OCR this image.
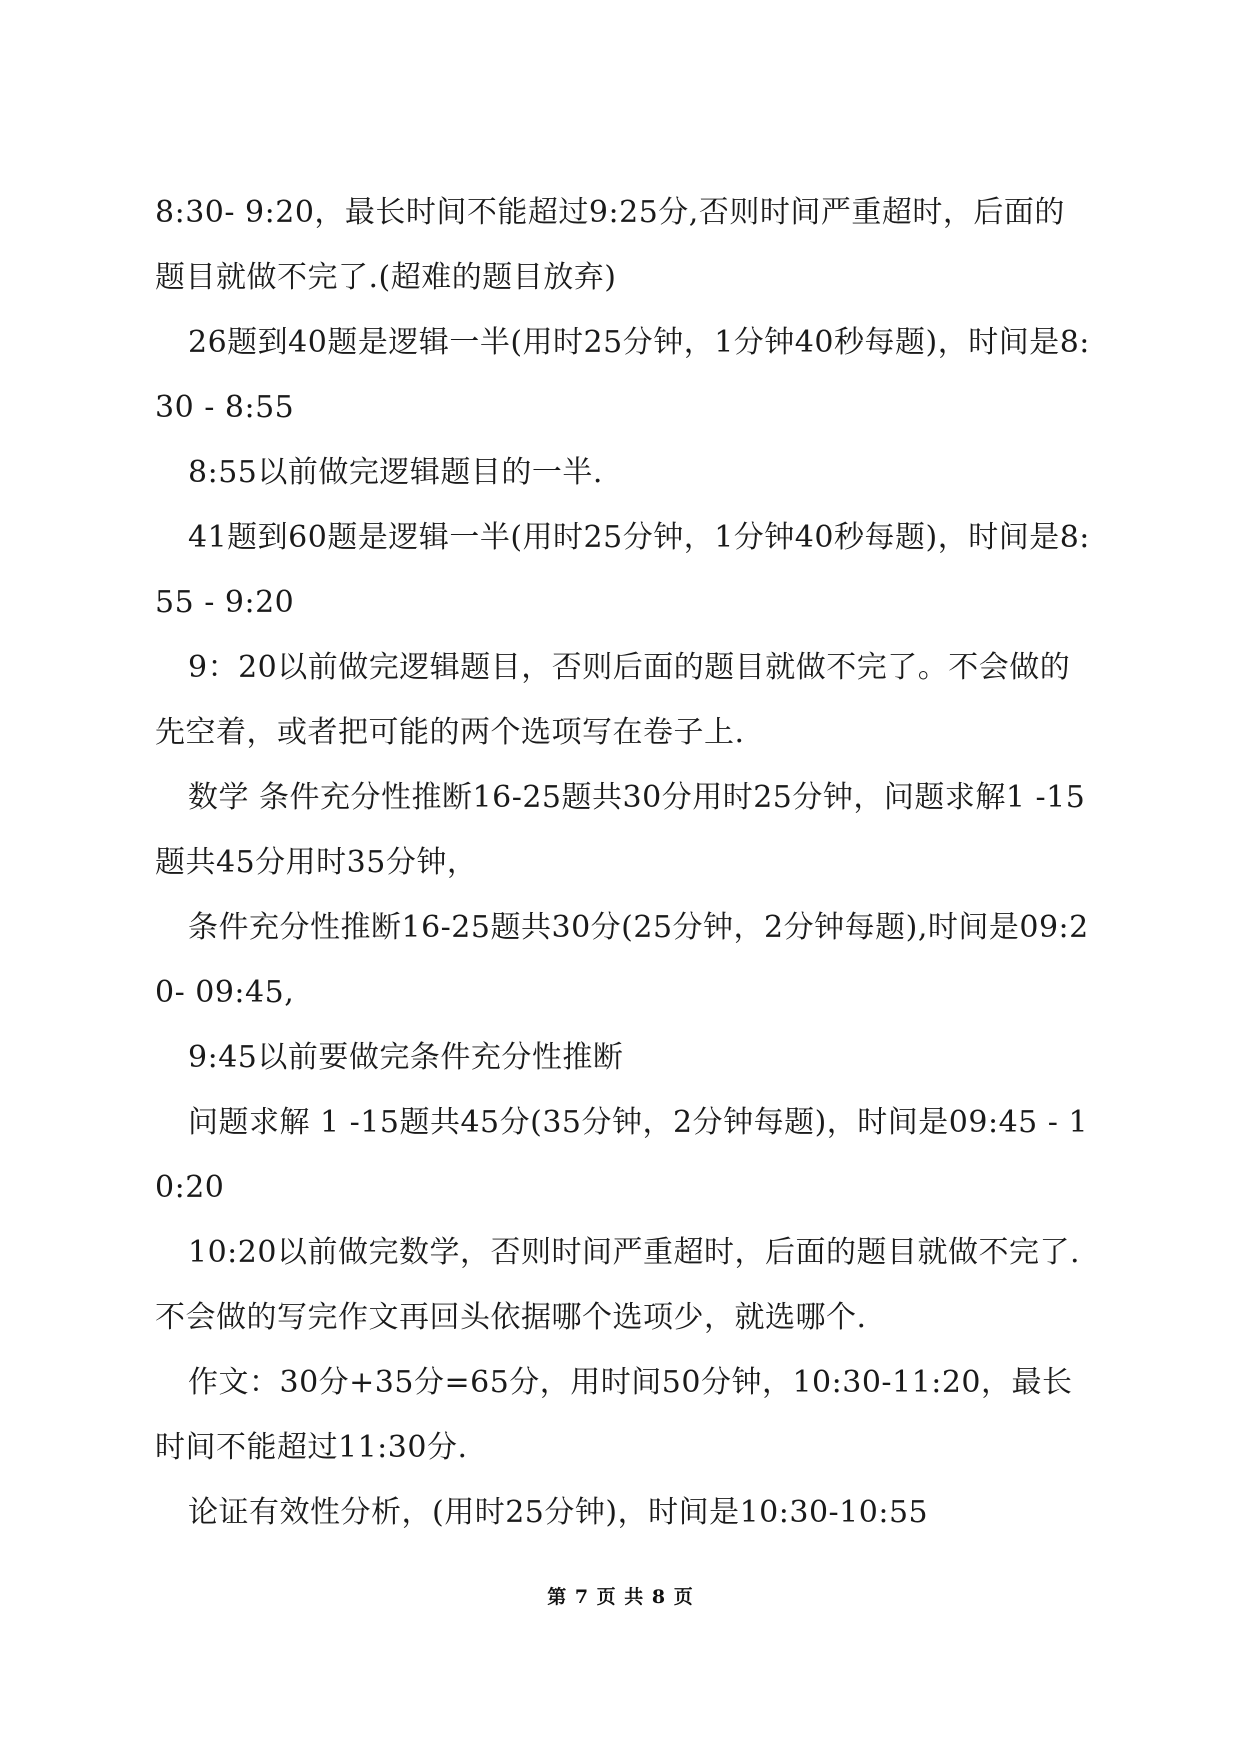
8:30- 9:20，最长时间不能超过9:25分,否则时间严重超时，后面的题目就做不完了.(超难的题目放弃)

26题到40题是逻辑一半(用时25分钟，1分钟40秒每题)，时间是8:30 - 8:55

8:55以前做完逻辑题目的一半.

41题到60题是逻辑一半(用时25分钟，1分钟40秒每题)，时间是8:55 - 9:20

9：20以前做完逻辑题目，否则后面的题目就做不完了。不会做的先空着，或者把可能的两个选项写在卷子上.

数学 条件充分性推断16-25题共30分用时25分钟，问题求解1 -15题共45分用时35分钟，

条件充分性推断16-25题共30分(25分钟，2分钟每题),时间是09:20- 09:45,

9:45以前要做完条件充分性推断

问题求解 1 -15题共45分(35分钟，2分钟每题)，时间是09:45 - 10:20

10:20以前做完数学，否则时间严重超时，后面的题目就做不完了. 不会做的写完作文再回头依据哪个选项少，就选哪个.

作文：30分+35分=65分，用时间50分钟，10:30-11:20，最长时间不能超过11:30分.

论证有效性分析，(用时25分钟)，时间是10:30-10:55

第 7 页 共 8 页
